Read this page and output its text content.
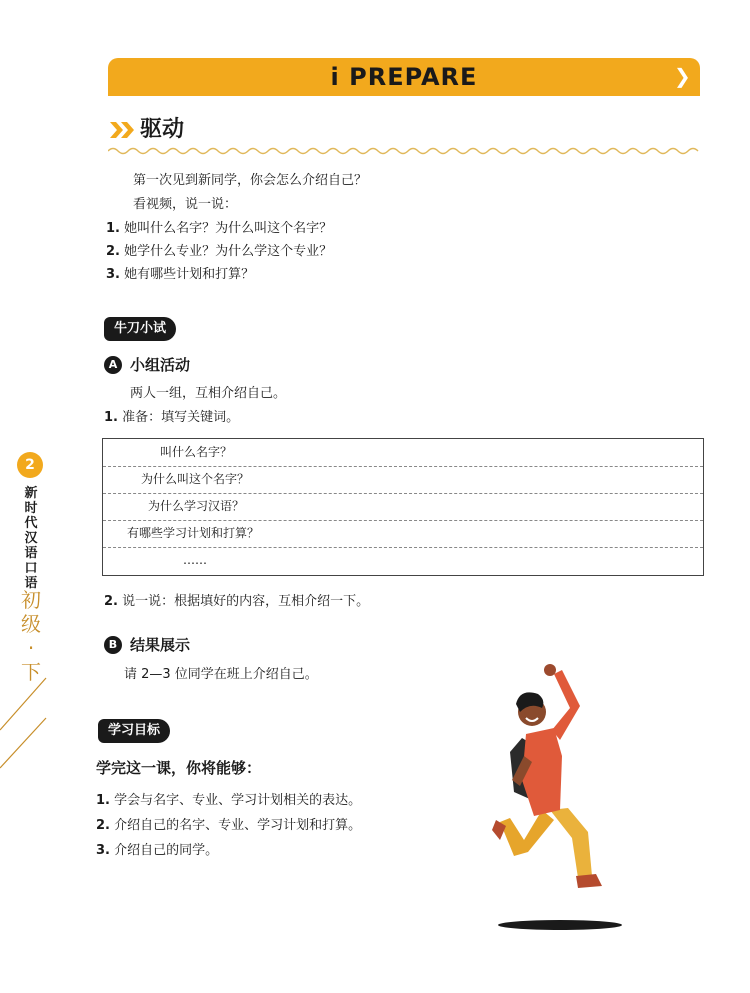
i PREPARE	❯
驱动
第一次见到新同学，你会怎么介绍自己？
看视频，说一说：
1. 她叫什么名字？为什么叫这个名字？
2. 她学什么专业？为什么学这个专业？
3. 她有哪些计划和打算？
牛刀小试
A 小组活动
两人一组，互相介绍自己。
1. 准备：填写关键词。
叫什么名字？
为什么叫这个名字？
为什么学习汉语？
有哪些学习计划和打算？
……
2. 说一说：根据填好的内容，互相介绍一下。
B 结果展示
请 2—3 位同学在班上介绍自己。
学习目标
学完这一课，你将能够：
1. 学会与名字、专业、学习计划相关的表达。
2. 介绍自己的名字、专业、学习计划和打算。
3. 介绍自己的同学。
2
新时代汉语口语
初级·下
